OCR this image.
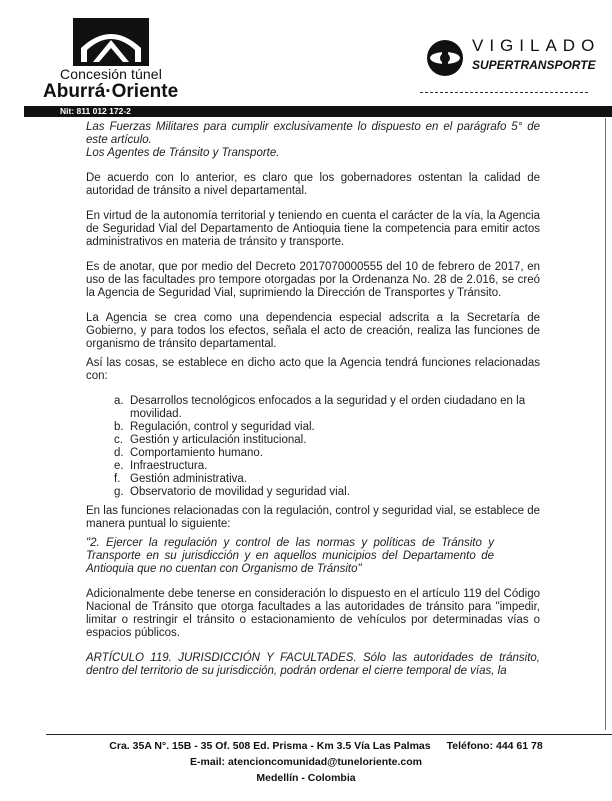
Concesión túnel
Aburrá·Oriente
VIGILADO
SUPERTRANSPORTE
Nit: 811 012 172-2

Las Fuerzas Militares para cumplir exclusivamente lo dispuesto en el parágrafo 5° de este artículo.

Los Agentes de Tránsito y Transporte.

De acuerdo con lo anterior, es claro que los gobernadores ostentan la calidad de autoridad de tránsito a nivel departamental.

En virtud de la autonomía territorial y teniendo en cuenta el carácter de la vía, la Agencia de Seguridad Vial del Departamento de Antioquia tiene la competencia para emitir actos administrativos en materia de tránsito y transporte.

Es de anotar, que por medio del Decreto 2017070000555 del 10 de febrero de 2017, en uso de las facultades pro tempore otorgadas por la Ordenanza No. 28 de 2.016, se creó la Agencia de Seguridad Vial, suprimiendo la Dirección de Transportes y Tránsito.

La Agencia se crea como una dependencia especial adscrita a la Secretaría de Gobierno, y para todos los efectos, señala el acto de creación, realiza las funciones de organismo de tránsito departamental.

Así las cosas, se establece en dicho acto que la Agencia tendrá funciones relacionadas con:

a. Desarrollos tecnológicos enfocados a la seguridad y el orden ciudadano en la movilidad.
b. Regulación, control y seguridad vial.
c. Gestión y articulación institucional.
d. Comportamiento humano.
e. Infraestructura.
f. Gestión administrativa.
g. Observatorio de movilidad y seguridad vial.

En las funciones relacionadas con la regulación, control y seguridad vial, se establece de manera puntual lo siguiente:

"2. Ejercer la regulación y control de las normas y políticas de Tránsito y Transporte en su jurisdicción y en aquellos municipios del Departamento de Antioquia que no cuentan con Organismo de Tránsito"

Adicionalmente debe tenerse en consideración lo dispuesto en el artículo 119 del Código Nacional de Tránsito que otorga facultades a las autoridades de tránsito para "impedir, limitar o restringir el tránsito o estacionamiento de vehículos por determinadas vías o espacios públicos.

ARTÍCULO 119. JURISDICCIÓN Y FACULTADES. Sólo las autoridades de tránsito, dentro del territorio de su jurisdicción, podrán ordenar el cierre temporal de vías, la

Cra. 35A N°. 15B - 35 Of. 508 Ed. Prisma - Km 3.5 Vía Las Palmas Teléfono: 444 61 78
E-mail: atencioncomunidad@tuneloriente.com
Medellín - Colombia
